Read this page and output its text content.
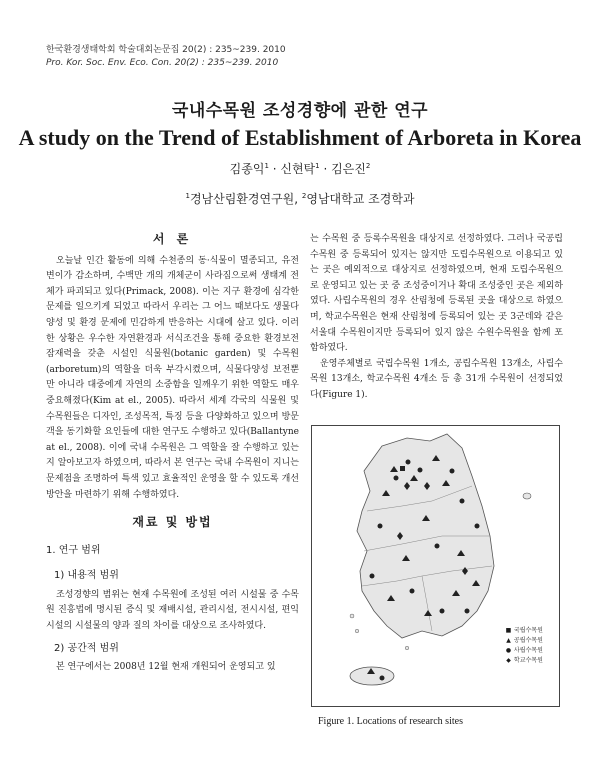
한국환경생태학회 학술대회논문집 20(2) : 235~239. 2010
Pro. Kor. Soc. Env. Eco. Con. 20(2) : 235~239. 2010
국내수목원 조성경향에 관한 연구
A study on the Trend of Establishment of Arboreta in Korea
김종익$^1$ · 신현탁$^1$ · 김은진$^2$
$^1$경남산림환경연구원, $^2$영남대학교 조경학과
서 론

오늘날 인간 활동에 의해 수천종의 동·식물이 멸종되고, 유전변이가 감소하며, 수백만 개의 개체군이 사라짐으로써 생태계 전체가 파괴되고 있다(Primack, 2008). 이는 지구 환경에 심각한 문제를 일으키게 되었고 따라서 우리는 그 어느 때보다도 생물다양성 및 환경 문제에 민감하게 반응하는 시대에 살고 있다. 이러한 상황은 우수한 자연환경과 서식조건을 통해 중요한 환경보전 잠재력을 갖춘 시설인 식물원(botanic garden) 및 수목원(arboretum)의 역할을 더욱 부각시켰으며, 식물다양성 보전뿐만 아니라 대중에게 자연의 소중함을 일깨우기 위한 역할도 매우 중요해졌다(Kim at el., 2005). 따라서 세계 각국의 식물원 및 수목원들은 디자인, 조성목적, 특징 등을 다양화하고 있으며 방문객을 동기화할 요인들에 대한 연구도 수행하고 있다(Ballantyne at el., 2008). 이에 국내 수목원은 그 역할을 잘 수행하고 있는지 알아보고자 하였으며, 따라서 본 연구는 국내 수목원이 지니는 문제점을 조명하여 특색 있고 효율적인 운영을 할 수 있도록 개선방안을 마련하기 위해 수행하였다.

재료 및 방법
1. 연구 범위
1) 내용적 범위

조성경향의 범위는 현재 수목원에 조성된 여러 시설물 중 수목원 진흥법에 명시된 증식 및 재배시설, 관리시설, 전시시설, 편익시설의 시설물의 양과 질의 차이를 대상으로 조사하였다.

2) 공간적 범위

본 연구에서는 2008년 12월 현재 개원되어 운영되고 있

는 수목원 중 등록수목원을 대상지로 선정하였다. 그러나 국공립수목원 중 등록되어 있지는 않지만 도립수목원으로 이용되고 있는 곳은 예외적으로 대상지로 선정하였으며, 현재 도립수목원으로 운영되고 있는 곳 중 조성중이거나 확대 조성중인 곳은 제외하였다. 사립수목원의 경우 산림청에 등록된 곳을 대상으로 하였으며, 학교수목원은 현재 산림청에 등록되어 있는 곳 3군데와 같은 서울대 수목원이지만 등록되어 있지 않은 수원수목원을 함께 포함하였다.

운영주체별로 국립수목원 1개소, 공립수목원 13개소, 사립수목원 13개소, 학교수목원 4개소 등 총 31개 수목원이 선정되었다(Figure 1).

■ 국립수목원
▲ 공립수목원
● 사립수목원
◆ 학교수목원
Figure 1. Locations of research sites
